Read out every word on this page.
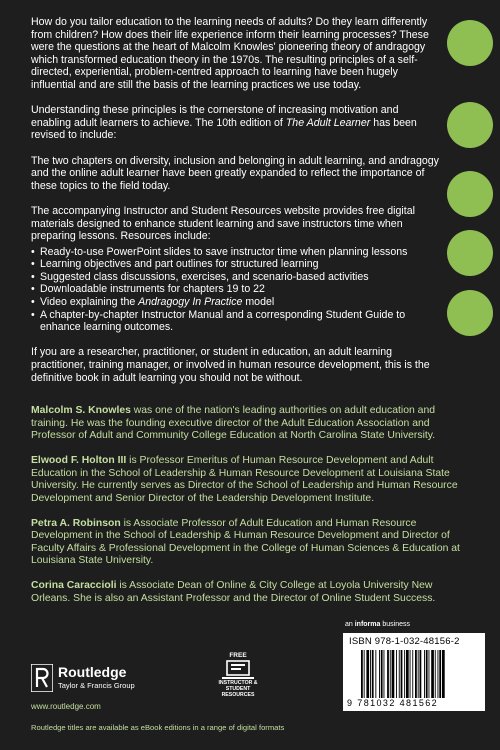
How do you tailor education to the learning needs of adults? Do they learn differently from children? How does their life experience inform their learning processes? These were the questions at the heart of Malcolm Knowles' pioneering theory of andragogy which transformed education theory in the 1970s. The resulting principles of a self-directed, experiential, problem-centred approach to learning have been hugely influential and are still the basis of the learning practices we use today.

Understanding these principles is the cornerstone of increasing motivation and enabling adult learners to achieve. The 10th edition of The Adult Learner has been revised to include:

The two chapters on diversity, inclusion and belonging in adult learning, and andragogy and the online adult learner have been greatly expanded to reflect the importance of these topics to the field today.

The accompanying Instructor and Student Resources website provides free digital materials designed to enhance student learning and save instructors time when preparing lessons. Resources include:

• Ready-to-use PowerPoint slides to save instructor time when planning lessons
• Learning objectives and part outlines for structured learning
• Suggested class discussions, exercises, and scenario-based activities
• Downloadable instruments for chapters 19 to 22
• Video explaining the Andragogy In Practice model
• A chapter-by-chapter Instructor Manual and a corresponding Student Guide to enhance learning outcomes.

If you are a researcher, practitioner, or student in education, an adult learning practitioner, training manager, or involved in human resource development, this is the definitive book in adult learning you should not be without.

Malcolm S. Knowles was one of the nation's leading authorities on adult education and training. He was the founding executive director of the Adult Education Association and Professor of Adult and Community College Education at North Carolina State University.

Elwood F. Holton III is Professor Emeritus of Human Resource Development and Adult Education in the School of Leadership & Human Resource Development at Louisiana State University. He currently serves as Director of the School of Leadership and Human Resource Development and Senior Director of the Leadership Development Institute.

Petra A. Robinson is Associate Professor of Adult Education and Human Resource Development in the School of Leadership & Human Resource Development and Director of Faculty Affairs & Professional Development in the College of Human Sciences & Education at Louisiana State University.

Corina Caraccioli is Associate Dean of Online & City College at Loyola University New Orleans. She is also an Assistant Professor and the Director of Online Student Success.

an informa business
ISBN 978-1-032-48156-2
9 781032 481562
Routledge
Taylor & Francis Group
www.routledge.com
FREE
INSTRUCTOR &
STUDENT
RESOURCES
Routledge titles are available as eBook editions in a range of digital formats
